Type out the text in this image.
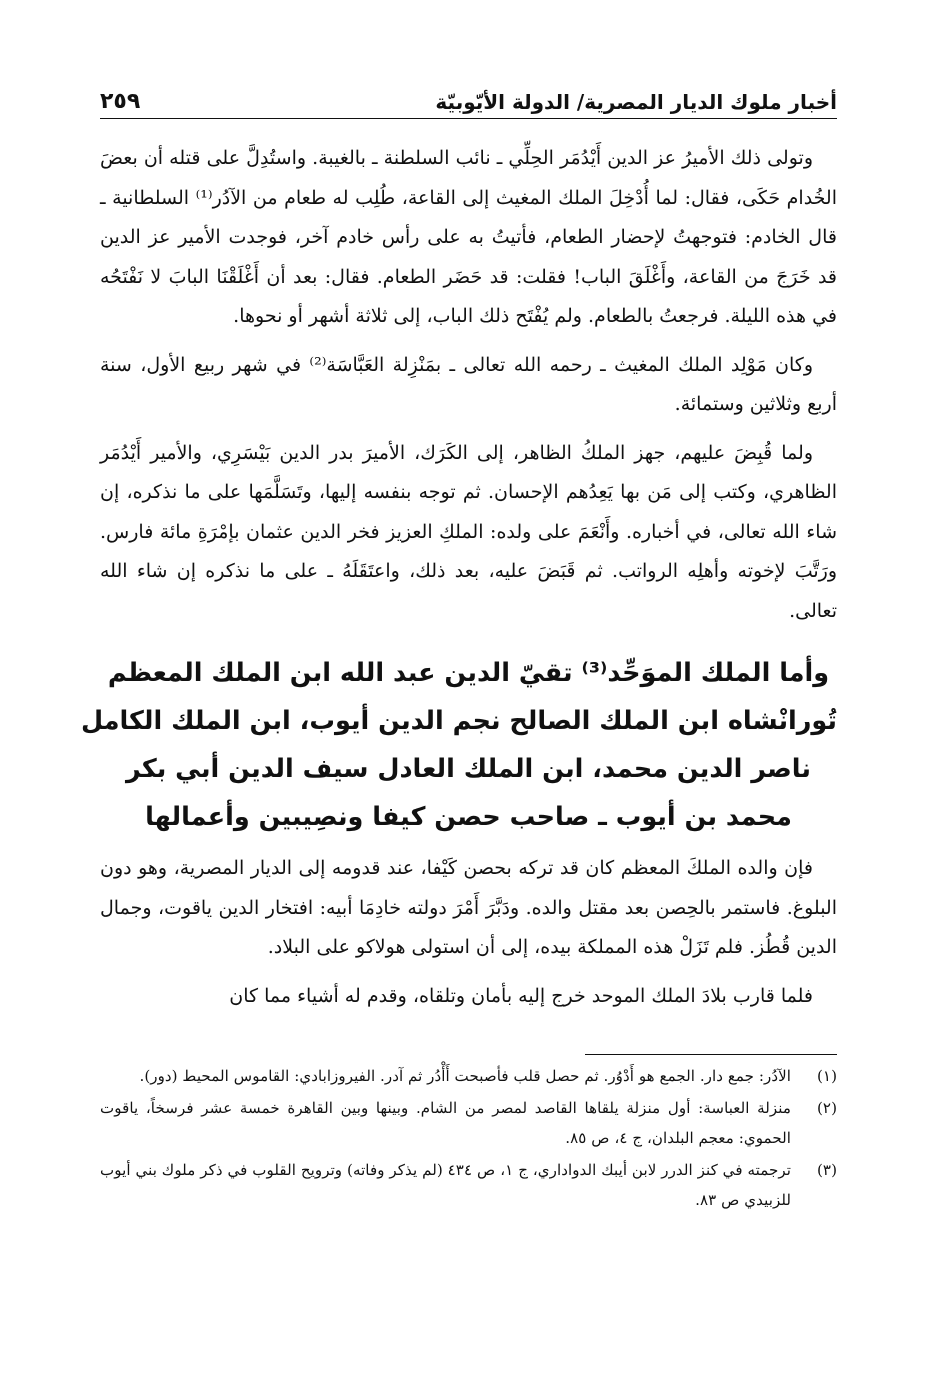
أخبار ملوك الديار المصرية/ الدولة الأيّوبيّة
٢٥٩

وتولى ذلك الأميرُ عز الدين أَيْدُمَر الحِلِّي ـ نائب السلطنة ـ بالغيبة. واستُدِلَّ على قتله أن بعضَ الخُدام حَكَى، فقال: لما أُدْخِلَ الملك المغيث إلى القاعة، طُلِب له طعام من الآدُر⁽¹⁾ السلطانية ـ قال الخادم: فتوجهتُ لإحضار الطعام، فأتيتُ به على رأس خادم آخر، فوجدت الأمير عز الدين قد خَرَجَ من القاعة، وأَغْلَقَ الباب! فقلت: قد حَضَر الطعام. فقال: بعد أن أَغْلَقْنَا البابَ لا نَفْتَحُه في هذه الليلة. فرجعتُ بالطعام. ولم يُفْتَح ذلك الباب، إلى ثلاثة أشهر أو نحوها.

وكان مَوْلِد الملك المغيث ـ رحمه الله تعالى ـ بمَنْزِلة العَبَّاسَة⁽²⁾ في شهر ربيع الأول، سنة أربع وثلاثين وستمائة.

ولما قُبِضَ عليهم، جهز الملكُ الظاهر، إلى الكَرَك، الأميرَ بدر الدين بَيْسَرِي، والأمير أَيْدُمَر الظاهري، وكتب إلى مَن بها يَعِدُهم الإحسان. ثم توجه بنفسه إليها، وتَسَلَّمَها على ما نذكره، إن شاء الله تعالى، في أخباره. وأَنْعَمَ على ولده: الملكِ العزيز فخر الدين عثمان بإمْرَةِ مائة فارس. ورَتَّبَ لإخوته وأهلِه الرواتب. ثم قَبَضَ عليه، بعد ذلك، واعتَقَلَهُ ـ على ما نذكره إن شاء الله تعالى.

وأما الملك الموَحِّد⁽³⁾ تقيّ الدين عبد الله ابن الملك المعظم
تُورانْشاه ابن الملك الصالح نجم الدين أيوب، ابن الملك الكامل
ناصر الدين محمد، ابن الملك العادل سيف الدين أبي بكر
محمد بن أيوب ـ صاحب حصن كيفا ونصِيبين وأعمالها

فإن والده الملكَ المعظم كان قد تركه بحصن كَيْفا، عند قدومه إلى الديار المصرية، وهو دون البلوغ. فاستمر بالحِصن بعد مقتل والده. ودَبَّرَ أَمْرَ دولته خادِمَا أبيه: افتخار الدين ياقوت، وجمال الدين قُطُز. فلم تَزَلْ هذه المملكة بيده، إلى أن استولى هولاكو على البلاد.

فلما قارب بلادَ الملك الموحد خرج إليه بأمان وتلقاه، وقدم له أشياء مما كان

(١)
الآدُر: جمع دار. الجمع هو أَدْوُر. ثم حصل قلب فأصبحت أَأْدُر ثم آدر. الفيروزابادي: القاموس المحيط (دور).
(٢)
منزلة العباسة: أول منزلة يلقاها القاصد لمصر من الشام. وبينها وبين القاهرة خمسة عشر فرسخاً، ياقوت الحموي: معجم البلدان، ج ٤، ص ٨٥.
(٣)
ترجمته في كنز الدرر لابن أيبك الدواداري، ج ١، ص ٤٣٤ (لم يذكر وفاته) وترويح القلوب في ذكر ملوك بني أيوب للزبيدي ص ٨٣.
